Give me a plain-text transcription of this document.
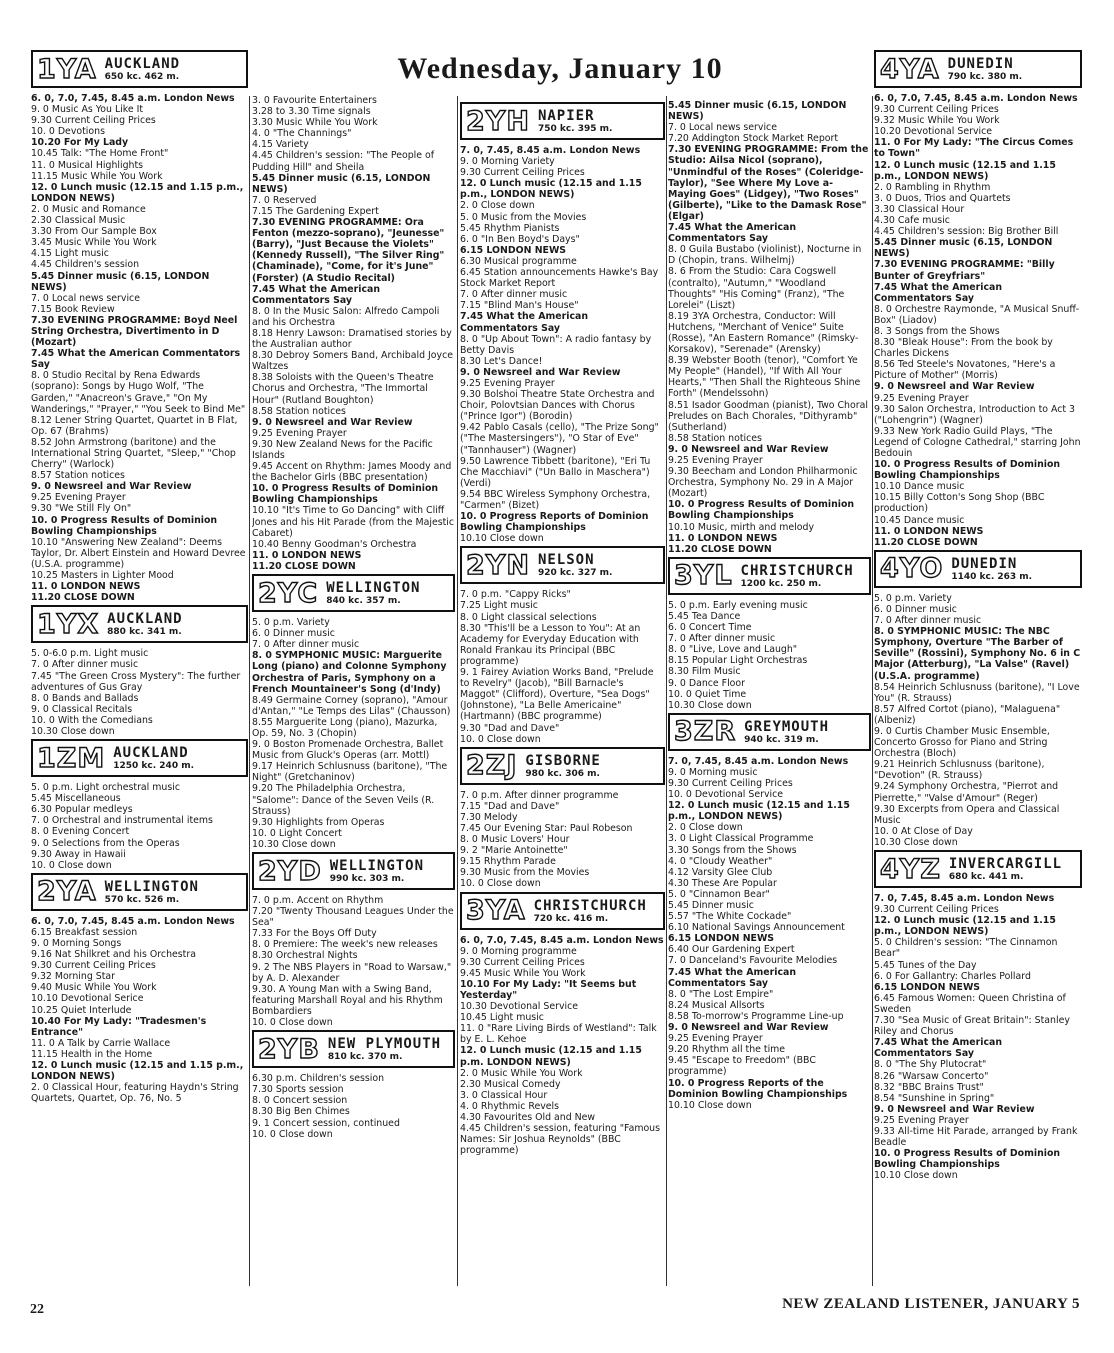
Wednesday, January 10
1YA AUCKLAND
650 kc. 462 m.
6. 0, 7.0, 7.45, 8.45 a.m. London News
9. 0 Music As You Like It
9.30 Current Ceiling Prices
10. 0 Devotions
10.20 For My Lady
10.45 Talk: "The Home Front"
11. 0 Musical Highlights
11.15 Music While You Work
12. 0 Lunch music (12.15 and 1.15 p.m., LONDON NEWS)
2. 0 Music and Romance
2.30 Classical Music
3.30 From Our Sample Box
3.45 Music While You Work
4.15 Light music
4.45 Children's session
5.45 Dinner music (6.15, LONDON NEWS)
7. 0 Local news service
7.15 Book Review
7.30 EVENING PROGRAMME: Boyd Neel String Orchestra, Divertimento in D (Mozart)
7.45 What the American Commentators Say
8. 0 Studio Recital by Rena Edwards (soprano): Songs by Hugo Wolf, "The Garden," "Anacreon's Grave," "On My Wanderings," "Prayer," "You Seek to Bind Me"
8.12 Lener String Quartet, Quartet in B Flat, Op. 67 (Brahms)
8.52 John Armstrong (baritone) and the International String Quartet, "Sleep," "Chop Cherry" (Warlock)
8.57 Station notices
9. 0 Newsreel and War Review
9.25 Evening Prayer
9.30 "We Still Fly On"
10. 0 Progress Results of Dominion Bowling Championships
10.10 "Answering New Zealand": Deems Taylor, Dr. Albert Einstein and Howard Devree (U.S.A. programme)
10.25 Masters in Lighter Mood
11. 0 LONDON NEWS
11.20 CLOSE DOWN
1YX AUCKLAND
880 kc. 341 m.
5. 0-6.0 p.m. Light music
7. 0 After dinner music
7.45 "The Green Cross Mystery": The further adventures of Gus Gray
8. 0 Bands and Ballads
9. 0 Classical Recitals
10. 0 With the Comedians
10.30 Close down
1ZM AUCKLAND
1250 kc. 240 m.
5. 0 p.m. Light orchestral music
5.45 Miscellaneous
6.30 Popular medleys
7. 0 Orchestral and instrumental items
8. 0 Evening Concert
9. 0 Selections from the Operas
9.30 Away in Hawaii
10. 0 Close down
2YA WELLINGTON
570 kc. 526 m.
6. 0, 7.0, 7.45, 8.45 a.m. London News
6.15 Breakfast session
9. 0 Morning Songs
9.16 Nat Shilkret and his Orchestra
9.30 Current Ceiling Prices
9.32 Morning Star
9.40 Music While You Work
10.10 Devotional Serice
10.25 Quiet Interlude
10.40 For My Lady: "Tradesmen's Entrance"
11. 0 A Talk by Carrie Wallace
11.15 Health in the Home
12. 0 Lunch music (12.15 and 1.15 p.m., LONDON NEWS)
2. 0 Classical Hour, featuring Haydn's String Quartets, Quartet, Op. 76, No. 5
3. 0 Favourite Entertainers
3.28 to 3.30 Time signals
3.30 Music While You Work
4. 0 "The Channings"
4.15 Variety
4.45 Children's session: "The People of Pudding Hill" and Sheila
5.45 Dinner music (6.15, LONDON NEWS)
7. 0 Reserved
7.15 The Gardening Expert
7.30 EVENING PROGRAMME: Ora Fenton (mezzo-soprano), "Jeunesse" (Barry), "Just Because the Violets" (Kennedy Russell), "The Silver Ring" (Chaminade), "Come, for it's June" (Forster) (A Studio Recital)
7.45 What the American Commentators Say
8. 0 In the Music Salon: Alfredo Campoli and his Orchestra
8.18 Henry Lawson: Dramatised stories by the Australian author
8.30 Debroy Somers Band, Archibald Joyce Waltzes
8.38 Soloists with the Queen's Theatre Chorus and Orchestra, "The Immortal Hour" (Rutland Boughton)
8.58 Station notices
9. 0 Newsreel and War Review
9.25 Evening Prayer
9.30 New Zealand News for the Pacific Islands
9.45 Accent on Rhythm: James Moody and the Bachelor Girls (BBC presentation)
10. 0 Progress Results of Dominion Bowling Championships
10.10 "It's Time to Go Dancing" with Cliff Jones and his Hit Parade (from the Majestic Cabaret)
10.40 Benny Goodman's Orchestra
11. 0 LONDON NEWS
11.20 CLOSE DOWN
2YC WELLINGTON
840 kc. 357 m.
5. 0 p.m. Variety
6. 0 Dinner music
7. 0 After dinner music
8. 0 SYMPHONIC MUSIC: Marguerite Long (piano) and Colonne Symphony Orchestra of Paris, Symphony on a French Mountaineer's Song (d'Indy)
8.49 Germaine Corney (soprano), "Amour d'Antan," "Le Temps des Lilas" (Chausson)
8.55 Marguerite Long (piano), Mazurka, Op. 59, No. 3 (Chopin)
9. 0 Boston Promenade Orchestra, Ballet Music from Gluck's Operas (arr. Mottl)
9.17 Heinrich Schlusnuss (baritone), "The Night" (Gretchaninov)
9.20 The Philadelphia Orchestra, "Salome": Dance of the Seven Veils (R. Strauss)
9.30 Highlights from Operas
10. 0 Light Concert
10.30 Close down
2YD WELLINGTON
990 kc. 303 m.
7. 0 p.m. Accent on Rhythm
7.20 "Twenty Thousand Leagues Under the Sea"
7.33 For the Boys Off Duty
8. 0 Premiere: The week's new releases
8.30 Orchestral Nights
9. 2 The NBS Players in "Road to Warsaw," by A. D. Alexander
9.30. A Young Man with a Swing Band, featuring Marshall Royal and his Rhythm Bombardiers
10. 0 Close down
2YB NEW PLYMOUTH
810 kc. 370 m.
6.30 p.m. Children's session
7.30 Sports session
8. 0 Concert session
8.30 Big Ben Chimes
9. 1 Concert session, continued
10. 0 Close down
2YH NAPIER
750 kc. 395 m.
7. 0, 7.45, 8.45 a.m. London News
9. 0 Morning Variety
9.30 Current Ceiling Prices
12. 0 Lunch music (12.15 and 1.15 p.m., LONDON NEWS)
2. 0 Close down
5. 0 Music from the Movies
5.45 Rhythm Pianists
6. 0 "In Ben Boyd's Days"
6.15 LONDON NEWS
6.30 Musical programme
6.45 Station announcements Hawke's Bay Stock Market Report
7. 0 After dinner music
7.15 "Blind Man's House"
7.45 What the American Commentators Say
8. 0 "Up About Town": A radio fantasy by Betty Davis
8.30 Let's Dance!
9. 0 Newsreel and War Review
9.25 Evening Prayer
9.30 Bolshoi Theatre State Orchestra and Choir, Polovtsian Dances with Chorus ("Prince Igor") (Borodin)
9.42 Pablo Casals (cello), "The Prize Song" ("The Mastersingers"), "O Star of Eve" ("Tannhauser") (Wagner)
9.50 Lawrence Tibbett (baritone), "Eri Tu Che Macchiavi" ("Un Ballo in Maschera") (Verdi)
9.54 BBC Wireless Symphony Orchestra, "Carmen" (Bizet)
10. 0 Progress Reports of Dominion Bowling Championships
10.10 Close down
2YN NELSON
920 kc. 327 m.
7. 0 p.m. "Cappy Ricks"
7.25 Light music
8. 0 Light classical selections
8.30 "This'll be a Lesson to You": At an Academy for Everyday Education with Ronald Frankau its Principal (BBC programme)
9. 1 Fairey Aviation Works Band, "Prelude to Revelry" (Jacob), "Bill Barnacle's Maggot" (Clifford), Overture, "Sea Dogs" (Johnstone), "La Belle Americaine" (Hartmann) (BBC programme)
9.30 "Dad and Dave"
10. 0 Close down
2ZJ GISBORNE
980 kc. 306 m.
7. 0 p.m. After dinner programme
7.15 "Dad and Dave"
7.30 Melody
7.45 Our Evening Star: Paul Robeson
8. 0 Music Lovers' Hour
9. 2 "Marie Antoinette"
9.15 Rhythm Parade
9.30 Music from the Movies
10. 0 Close down
3YA CHRISTCHURCH
720 kc. 416 m.
6. 0, 7.0, 7.45, 8.45 a.m. London News
9. 0 Morning programme
9.30 Current Ceiling Prices
9.45 Music While You Work
10.10 For My Lady: "It Seems but Yesterday"
10.30 Devotional Service
10.45 Light music
11. 0 "Rare Living Birds of Westland": Talk by E. L. Kehoe
12. 0 Lunch music (12.15 and 1.15 p.m. LONDON NEWS)
2. 0 Music While You Work
2.30 Musical Comedy
3. 0 Classical Hour
4. 0 Rhythmic Revels
4.30 Favourites Old and New
4.45 Children's session, featuring "Famous Names: Sir Joshua Reynolds" (BBC programme)
5.45 Dinner music (6.15, LONDON NEWS)
7. 0 Local news service
7.20 Addington Stock Market Report
7.30 EVENING PROGRAMME: From the Studio: Ailsa Nicol (soprano), "Unmindful of the Roses" (Coleridge-Taylor), "See Where My Love a-Maying Goes" (Lidgey), "Two Roses" (Gilberte), "Like to the Damask Rose" (Elgar)
7.45 What the American Commentators Say
8. 0 Guila Bustabo (violinist), Nocturne in D (Chopin, trans. Wilhelmj)
8. 6 From the Studio: Cara Cogswell (contralto), "Autumn," "Woodland Thoughts" "His Coming" (Franz), "The Lorelei" (Liszt)
8.19 3YA Orchestra, Conductor: Will Hutchens, "Merchant of Venice" Suite (Rosse), "An Eastern Romance" (Rimsky-Korsakov), "Serenade" (Arensky)
8.39 Webster Booth (tenor), "Comfort Ye My People" (Handel), "If With All Your Hearts," "Then Shall the Righteous Shine Forth" (Mendelssohn)
8.51 Isador Goodman (pianist), Two Choral Preludes on Bach Chorales, "Dithyramb" (Sutherland)
8.58 Station notices
9. 0 Newsreel and War Review
9.25 Evening Prayer
9.30 Beecham and London Philharmonic Orchestra, Symphony No. 29 in A Major (Mozart)
10. 0 Progress Results of Dominion Bowling Championships
10.10 Music, mirth and melody
11. 0 LONDON NEWS
11.20 CLOSE DOWN
3YL CHRISTCHURCH
1200 kc. 250 m.
5. 0 p.m. Early evening music
5.45 Tea Dance
6. 0 Concert Time
7. 0 After dinner music
8. 0 "Live, Love and Laugh"
8.15 Popular Light Orchestras
8.30 Film Music
9. 0 Dance Floor
10. 0 Quiet Time
10.30 Close down
3ZR GREYMOUTH
940 kc. 319 m.
7. 0, 7.45, 8.45 a.m. London News
9. 0 Morning music
9.30 Current Ceiling Prices
10. 0 Devotional Service
12. 0 Lunch music (12.15 and 1.15 p.m., LONDON NEWS)
2. 0 Close down
3. 0 Light Classical Programme
3.30 Songs from the Shows
4. 0 "Cloudy Weather"
4.12 Varsity Glee Club
4.30 These Are Popular
5. 0 "Cinnamon Bear"
5.45 Dinner music
5.57 "The White Cockade"
6.10 National Savings Announcement
6.15 LONDON NEWS
6.40 Our Gardening Expert
7. 0 Danceland's Favourite Melodies
7.45 What the American Commentators Say
8. 0 "The Lost Empire"
8.24 Musical Allsorts
8.58 To-morrow's Programme Line-up
9. 0 Newsreel and War Review
9.25 Evening Prayer
9.20 Rhythm all the time
9.45 "Escape to Freedom" (BBC programme)
10. 0 Progress Reports of the Dominion Bowling Championships
10.10 Close down
4YA DUNEDIN
790 kc. 380 m.
6. 0, 7.0, 7.45, 8.45 a.m. London News
9.30 Current Ceiling Prices
9.32 Music While You Work
10.20 Devotional Service
11. 0 For My Lady: "The Circus Comes to Town"
12. 0 Lunch music (12.15 and 1.15 p.m., LONDON NEWS)
2. 0 Rambling in Rhythm
3. 0 Duos, Trios and Quartets
3.30 Classical Hour
4.30 Cafe music
4.45 Children's session: Big Brother Bill
5.45 Dinner music (6.15, LONDON NEWS)
7.30 EVENING PROGRAMME: "Billy Bunter of Greyfriars"
7.45 What the American Commentators Say
8. 0 Orchestre Raymonde, "A Musical Snuff-Box" (Liadov)
8. 3 Songs from the Shows
8.30 "Bleak House": From the book by Charles Dickens
8.56 Ted Steele's Novatones, "Here's a Picture of Mother" (Morris)
9. 0 Newsreel and War Review
9.25 Evening Prayer
9.30 Salon Orchestra, Introduction to Act 3 ("Lohengrin") (Wagner)
9.33 New York Radio Guild Plays, "The Legend of Cologne Cathedral," starring John Bedouin
10. 0 Progress Results of Dominion Bowling Championships
10.10 Dance music
10.15 Billy Cotton's Song Shop (BBC production)
10.45 Dance music
11. 0 LONDON NEWS
11.20 CLOSE DOWN
4YO DUNEDIN
1140 kc. 263 m.
5. 0 p.m. Variety
6. 0 Dinner music
7. 0 After dinner music
8. 0 SYMPHONIC MUSIC: The NBC Symphony, Overture "The Barber of Seville" (Rossini), Symphony No. 6 in C Major (Atterburg), "La Valse" (Ravel) (U.S.A. programme)
8.54 Heinrich Schlusnuss (baritone), "I Love You" (R. Strauss)
8.57 Alfred Cortot (piano), "Malaguena" (Albeniz)
9. 0 Curtis Chamber Music Ensemble, Concerto Grosso for Piano and String Orchestra (Bloch)
9.21 Heinrich Schlusnuss (baritone), "Devotion" (R. Strauss)
9.24 Symphony Orchestra, "Pierrot and Pierrette," "Valse d'Amour" (Reger)
9.30 Excerpts from Opera and Classical Music
10. 0 At Close of Day
10.30 Close down
4YZ INVERCARGILL
680 kc. 441 m.
7. 0, 7.45, 8.45 a.m. London News
9.30 Current Ceiling Prices
12. 0 Lunch music (12.15 and 1.15 p.m., LONDON NEWS)
5. 0 Children's session: "The Cinnamon Bear"
5.45 Tunes of the Day
6. 0 For Gallantry: Charles Pollard
6.15 LONDON NEWS
6.45 Famous Women: Queen Christina of Sweden
7.30 "Sea Music of Great Britain": Stanley Riley and Chorus
7.45 What the American Commentators Say
8. 0 "The Shy Plutocrat"
8.26 "Warsaw Concerto"
8.32 "BBC Brains Trust"
8.54 "Sunshine in Spring"
9. 0 Newsreel and War Review
9.25 Evening Prayer
9.33 All-time Hit Parade, arranged by Frank Beadle
10. 0 Progress Results of Dominion Bowling Championships
10.10 Close down
22	NEW ZEALAND LISTENER, JANUARY 5
